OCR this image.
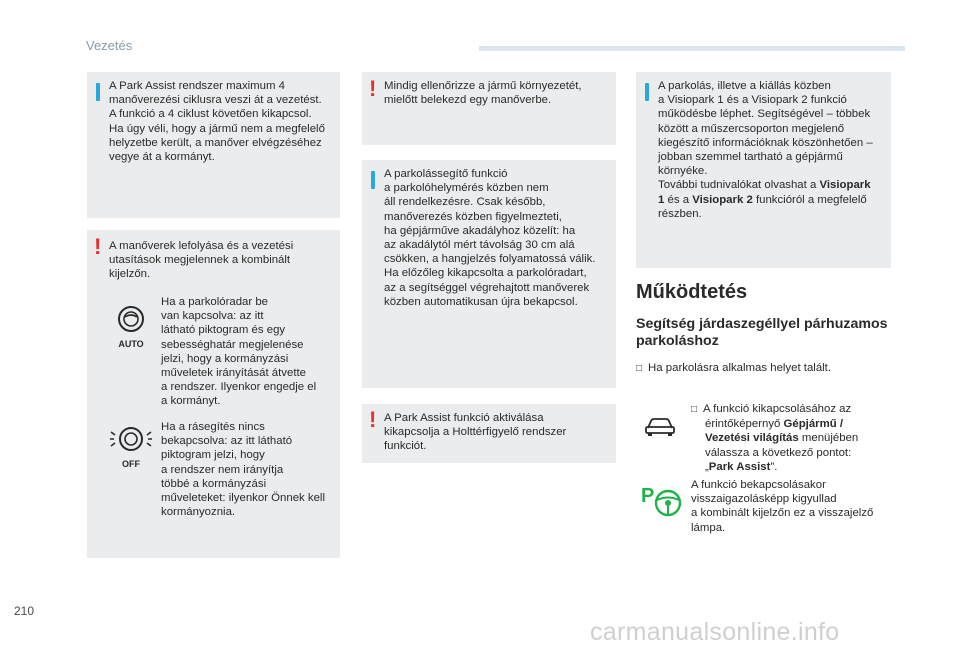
Vezetés

A Park Assist rendszer maximum 4

manőverezési ciklusra veszi át a vezetést.

A funkció a 4 ciklust követően kikapcsol.

Ha úgy véli, hogy a jármű nem a megfelelő

helyzetbe került, a manőver elvégzéséhez

vegye át a kormányt.

! A manőverek lefolyása és a vezetési

utasítások megjelennek a kombinált

kijelzőn.

AUTO

Ha a parkolóradar be

van kapcsolva: az itt

látható piktogram és egy

sebességhatár megjelenése

jelzi, hogy a kormányzási

műveletek irányítását átvette

a rendszer. Ilyenkor engedje el

a kormányt.

OFF

Ha a rásegítés nincs

bekapcsolva: az itt látható

piktogram jelzi, hogy

a rendszer nem irányítja

többé a kormányzási

műveleteket: ilyenkor Önnek kell

kormányoznia.

! Mindig ellenőrizze a jármű környezetét,

mielőtt belekezd egy manőverbe.

A parkolássegítő funkció

a parkolóhelymérés közben nem

áll rendelkezésre. Csak később,

manőverezés közben figyelmezteti,

ha gépjárműve akadályhoz közelít: ha

az akadálytól mért távolság 30 cm alá

csökken, a hangjelzés folyamatossá válik.

Ha előzőleg kikapcsolta a parkolóradart,

az a segítséggel végrehajtott manőverek

közben automatikusan újra bekapcsol.

! A Park Assist funkció aktiválása

kikapcsolja a Holttérfigyelő rendszer

funkciót.

A parkolás, illetve a kiállás közben

a Visiopark 1 és a Visiopark 2 funkció

működésbe léphet. Segítségével – többek

között a műszercsoporton megjelenő

kiegészítő információknak köszönhetően –

jobban szemmel tartható a gépjármű

környéke.

További tudnivalókat olvashat a Visiopark

1 és a Visiopark 2 funkcióról a megfelelő

részben.

Működtetés
Segítség járdaszegéllyel párhuzamos parkoláshoz

□ Ha parkolásra alkalmas helyet talált.

□ A funkció kikapcsolásához az

érintőképernyő Gépjármű /

Vezetési világítás menüjében

válassza a következő pontot:

„Park Assist”.

P	A funkció bekapcsolásakor

visszaigazolásképp kigyullad

a kombinált kijelzőn ez a visszajelző

lámpa.

210
carmanualsonline.info
